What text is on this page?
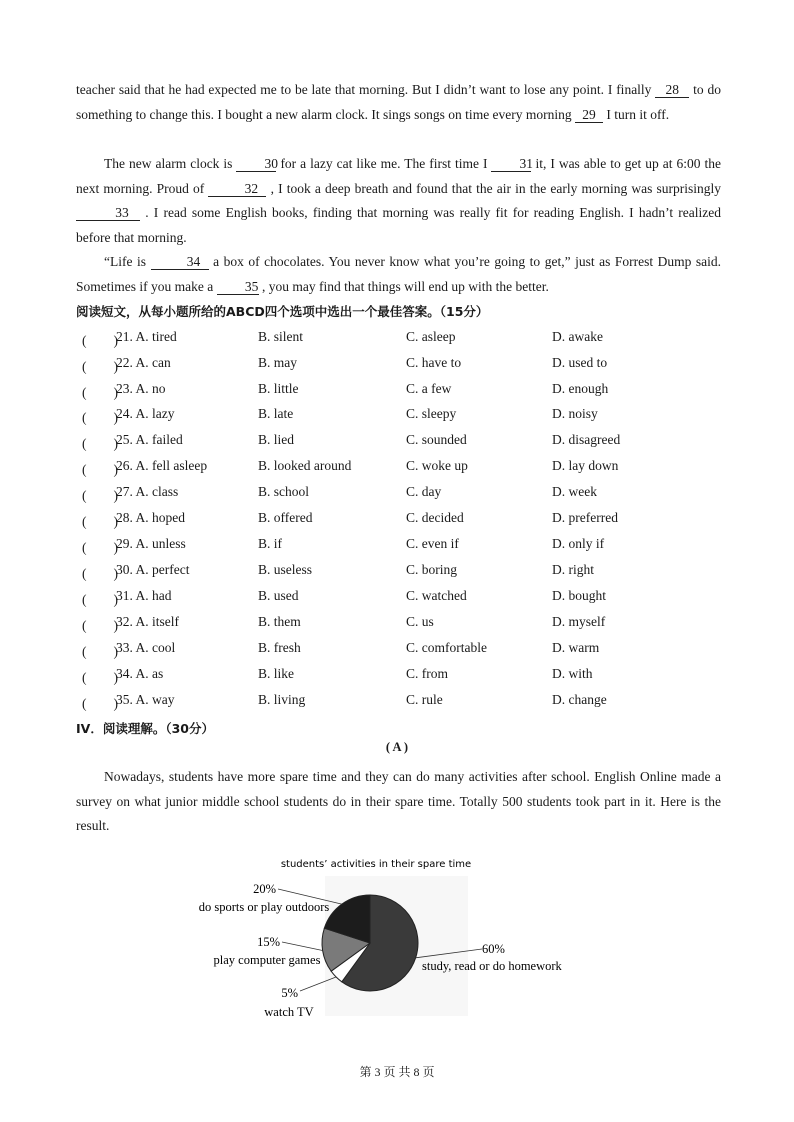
teacher said that he had expected me to be late that morning. But I didn’t want to lose any point. I finally 28 to do something to change this. I bought a new alarm clock. It sings songs on time every morning 29 I turn it off.
The new alarm clock is 30 for a lazy cat like me. The first time I 31 it, I was able to get up at 6:00 the next morning. Proud of	32 , I took a deep breath and found that the air in the early morning was surprisingly 33 . I read some English books, finding that morning was really fit for reading English. I hadn’t realized before that morning.
“Life is	34 a box of chocolates. You never know what you’re going to get,” just as Forrest Dump said. Sometimes if you make a 35 , you may find that things will end up with the better.
阅读短文，从每小题所给的ABCD四个选项中选出一个最佳答案。（15分）
(　　)
21. A. tired	B. silent	C. asleep	D. awake
(　　)
22. A. can	B. may	C. have to	D. used to
(　　)
23. A. no	B. little	C. a few	D. enough
(　　)
24. A. lazy	B. late	C. sleepy	D. noisy
(　　)
25. A. failed	B. lied	C. sounded	D. disagreed
(　　)
26. A. fell asleep	B. looked around	C. woke up	D. lay down
(　　)
27. A. class	B. school	C. day	D. week
(　　)
28. A. hoped	B. offered	C. decided	D. preferred
(　　)
29. A. unless	B. if	C. even if	D. only if
(　　)
30. A. perfect	B. useless	C. boring	D. right
(　　)
31. A. had	B. used	C. watched	D. bought
(　　)
32. A. itself	B. them	C. us	D. myself
(　　)
33. A. cool	B. fresh	C. comfortable	D. warm
(　　)
34. A. as	B. like	C. from	D. with
(　　)
35. A. way	B. living	C. rule	D. change
IV．阅读理解。（30分）
( A )
Nowadays, students have more spare time and they can do many activities after school. English Online made a survey on what junior middle school students do in their spare time. Totally 500 students took part in it. Here is the result.
students’ activities in their spare time
60%
study, read or do homework
5%
watch TV
15%
play computer games
20%
do sports or play outdoors
第 3 页 共 8 页
